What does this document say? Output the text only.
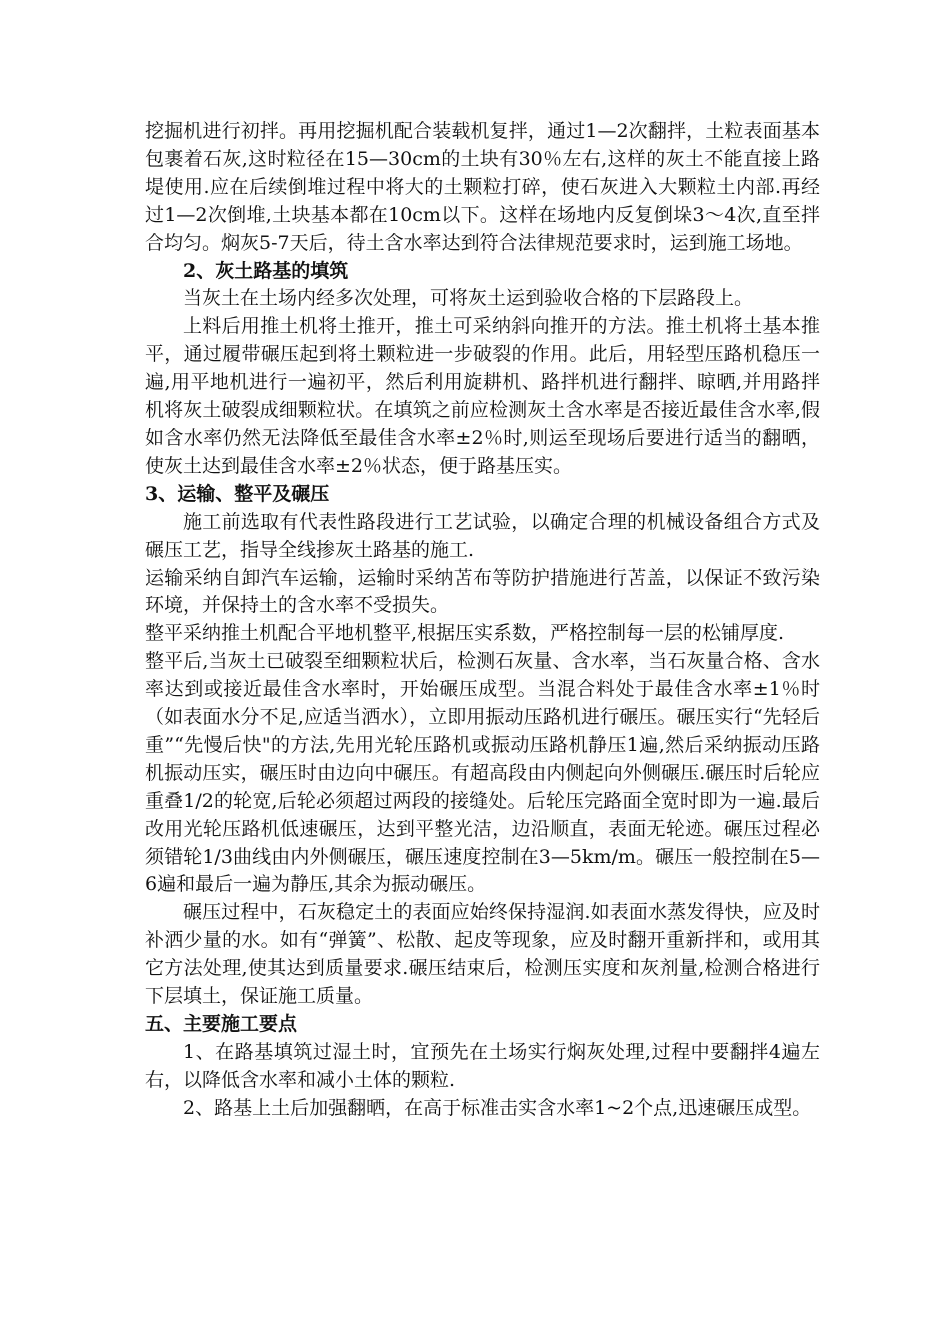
挖掘机进行初拌。再用挖掘机配合装载机复拌，通过1—2次翻拌，土粒表面基本包裹着石灰,这时粒径在15—30cm的土块有30％左右,这样的灰土不能直接上路堤使用.应在后续倒堆过程中将大的土颗粒打碎，使石灰进入大颗粒土内部.再经过1—2次倒堆,土块基本都在10cm以下。这样在场地内反复倒垛3～4次,直至拌合均匀。焖灰5-7天后，待土含水率达到符合法律规范要求时，运到施工场地。

2、灰土路基的填筑

当灰土在土场内经多次处理，可将灰土运到验收合格的下层路段上。

上料后用推土机将土推开，推土可采纳斜向推开的方法。推土机将土基本推平，通过履带碾压起到将土颗粒进一步破裂的作用。此后，用轻型压路机稳压一遍,用平地机进行一遍初平，然后利用旋耕机、路拌机进行翻拌、晾晒,并用路拌机将灰土破裂成细颗粒状。在填筑之前应检测灰土含水率是否接近最佳含水率,假如含水率仍然无法降低至最佳含水率±2％时,则运至现场后要进行适当的翻晒，使灰土达到最佳含水率±2％状态，便于路基压实。

3、运输、整平及碾压

施工前选取有代表性路段进行工艺试验，以确定合理的机械设备组合方式及碾压工艺，指导全线掺灰土路基的施工.

运输采纳自卸汽车运输，运输时采纳苫布等防护措施进行苫盖，以保证不致污染环境，并保持土的含水率不受损失。

整平采纳推土机配合平地机整平,根据压实系数，严格控制每一层的松铺厚度.

整平后,当灰土已破裂至细颗粒状后，检测石灰量、含水率，当石灰量合格、含水率达到或接近最佳含水率时，开始碾压成型。当混合料处于最佳含水率±1％时（如表面水分不足,应适当洒水），立即用振动压路机进行碾压。碾压实行“先轻后重”“先慢后快"的方法,先用光轮压路机或振动压路机静压1遍,然后采纳振动压路机振动压实，碾压时由边向中碾压。有超高段由内侧起向外侧碾压.碾压时后轮应重叠1/2的轮宽,后轮必须超过两段的接缝处。后轮压完路面全宽时即为一遍.最后改用光轮压路机低速碾压，达到平整光洁，边沿顺直，表面无轮迹。碾压过程必须错轮1/3曲线由内外侧碾压，碾压速度控制在3—5km/m。碾压一般控制在5—6遍和最后一遍为静压,其余为振动碾压。

碾压过程中，石灰稳定土的表面应始终保持湿润.如表面水蒸发得快，应及时补洒少量的水。如有“弹簧”、松散、起皮等现象，应及时翻开重新拌和，或用其它方法处理,使其达到质量要求.碾压结束后，检测压实度和灰剂量,检测合格进行下层填土，保证施工质量。

五、主要施工要点

1、在路基填筑过湿土时，宜预先在土场实行焖灰处理,过程中要翻拌4遍左右，以降低含水率和减小土体的颗粒.

2、路基上土后加强翻晒，在高于标准击实含水率1~2个点,迅速碾压成型。
